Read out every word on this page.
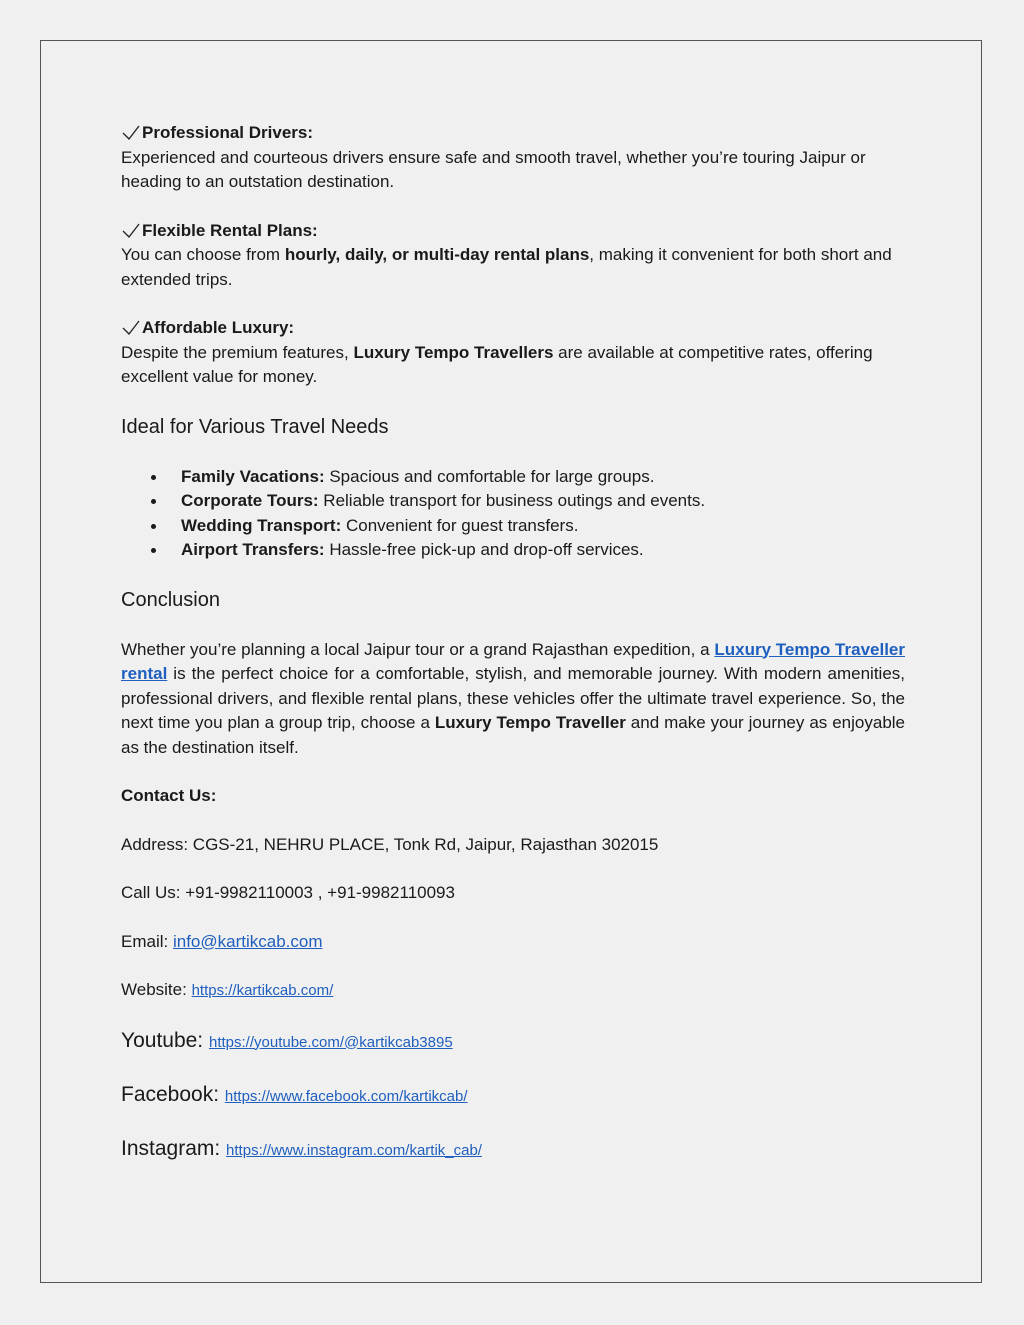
Professional Drivers:
Experienced and courteous drivers ensure safe and smooth travel, whether you’re touring Jaipur or heading to an outstation destination.
Flexible Rental Plans:
You can choose from hourly, daily, or multi-day rental plans, making it convenient for both short and extended trips.
Affordable Luxury:
Despite the premium features, Luxury Tempo Travellers are available at competitive rates, offering excellent value for money.
Ideal for Various Travel Needs
Family Vacations: Spacious and comfortable for large groups.
Corporate Tours: Reliable transport for business outings and events.
Wedding Transport: Convenient for guest transfers.
Airport Transfers: Hassle-free pick-up and drop-off services.
Conclusion

Whether you’re planning a local Jaipur tour or a grand Rajasthan expedition, a Luxury Tempo Traveller rental is the perfect choice for a comfortable, stylish, and memorable journey. With modern amenities, professional drivers, and flexible rental plans, these vehicles offer the ultimate travel experience. So, the next time you plan a group trip, choose a Luxury Tempo Traveller and make your journey as enjoyable as the destination itself.

Contact Us:
Address: CGS-21, NEHRU PLACE, Tonk Rd, Jaipur, Rajasthan 302015
Call Us: +91-9982110003 , +91-9982110093
Email: info@kartikcab.com
Website: https://kartikcab.com/
Youtube: https://youtube.com/@kartikcab3895
Facebook: https://www.facebook.com/kartikcab/
Instagram: https://www.instagram.com/kartik_cab/
